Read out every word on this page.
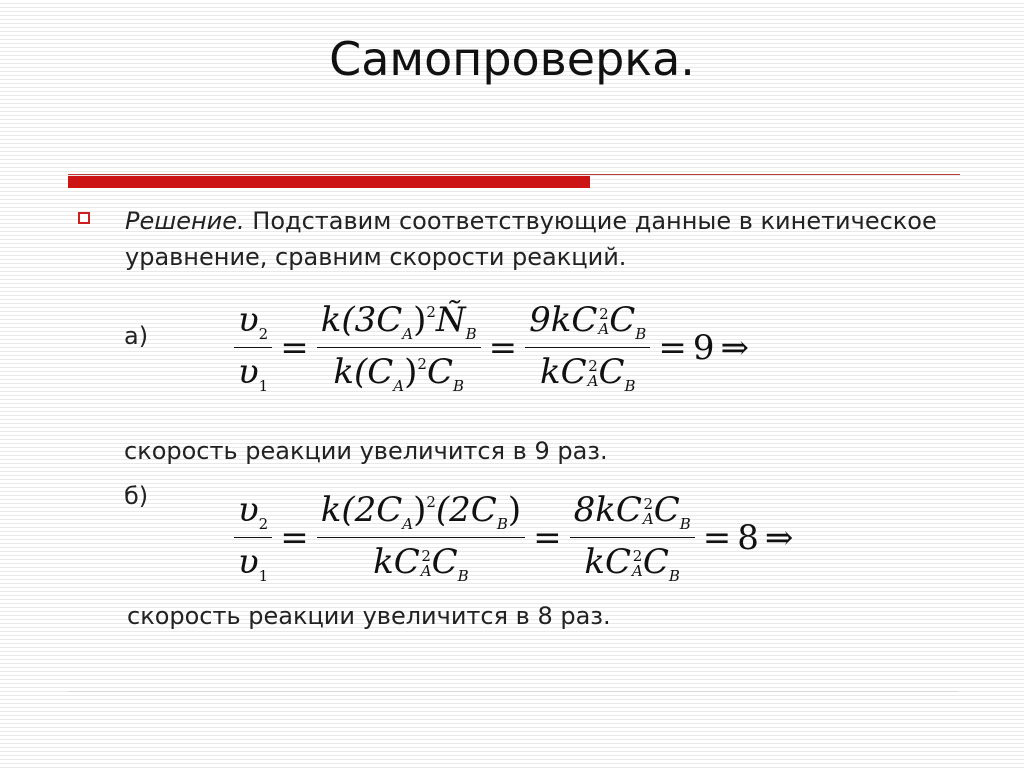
Самопроверка.
Решение. Подставим соответствующие данные в кинетическое уравнение, сравним скорости реакций.
а)	$\frac{\upsilon_2}{\upsilon_1} = \frac{k(3C_A)^2Ñ_B}{k(C_A)^2C_B} = 9kC$ 2
A $C_B$
kC 2
A $C_B = 9$ ⇒
скорость реакции увеличится в 9 раз.
б)	$\frac{\upsilon_2}{\upsilon_1} = k(2C_A)^2(2C_B)$
kC 2
A $C_B = 8kC$ 2
A $C_B$
kC 2
A $C_B = 8$ ⇒
скорость реакции увеличится в 8 раз.
